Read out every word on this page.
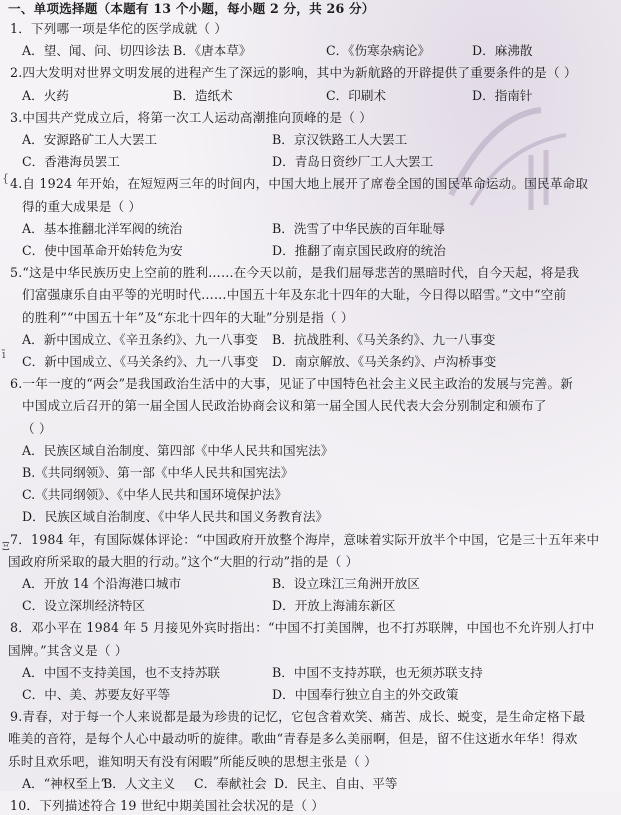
一、单项选择题（本题有 13 个小题，每小题 2 分，共 26 分）
1．下列哪一项是华佗的医学成就（ ）
A．望、闻、问、切四诊法 B．《唐本草》	C．《伤寒杂病论》	D．麻沸散
2.四大发明对世界文明发展的进程产生了深远的影响，其中为新航路的开辟提供了重要条件的是（ ）
A．火药	B．造纸术	C．印刷术	D．指南针
3.中国共产党成立后，将第一次工人运动高潮推向顶峰的是（ ）
A．安源路矿工人大罢工	B．京汉铁路工人大罢工
C．香港海员罢工	D．青岛日资纱厂工人大罢工
4.自 1924 年开始，在短短两三年的时间内，中国大地上展开了席卷全国的国民革命运动。国民革命取
得的重大成果是（ ）
A．基本推翻北洋军阀的统治	B．洗雪了中华民族的百年耻辱
C．使中国革命开始转危为安	D．推翻了南京国民政府的统治
5.“这是中华民族历史上空前的胜利……在今天以前，是我们屈辱悲苦的黑暗时代，自今天起，将是我
们富强康乐自由平等的光明时代……中国五十年及东北十四年的大耻，今日得以昭雪。”文中“空前
的胜利”“中国五十年”及“东北十四年的大耻”分别是指（ ）
A．新中国成立、《辛丑条约》、九一八事变 B．抗战胜利、《马关条约》、九一八事变
C．新中国成立、《马关条约》、九一八事变 D．南京解放、《马关条约》、卢沟桥事变
6.一年一度的“两会”是我国政治生活中的大事，见证了中国特色社会主义民主政治的发展与完善。新
中国成立后召开的第一届全国人民政治协商会议和第一届全国人民代表大会分别制定和颁布了
（ ）
A．民族区域自治制度、第四部《中华人民共和国宪法》
B.《共同纲领》、第一部《中华人民共和国宪法》
C.《共同纲领》、《中华人民共和国环境保护法》
D．民族区域自治制度、《中华人民共和国义务教育法》
7．1984 年，有国际媒体评论：“中国政府开放整个海岸，意味着实际开放半个中国，它是三十五年来中
国政府所采取的最大胆的行动。”这个“大胆的行动”指的是（ ）
A．开放 14 个沿海港口城市	B．设立珠江三角洲开放区
C．设立深圳经济特区	D．开放上海浦东新区
8．邓小平在 1984 年 5 月接见外宾时指出：“中国不打美国牌，也不打苏联牌，中国也不允许别人打中
国牌。”其含义是（ ）
A．中国不支持美国，也不支持苏联	B．中国不支持苏联，也无须苏联支持
C．中、美、苏要友好平等	D．中国奉行独立自主的外交政策
9.青春，对于每一个人来说都是最为珍贵的记忆，它包含着欢笑、痛苦、成长、蜕变，是生命定格下最
唯美的音符，是每个人心中最动听的旋律。歌曲“青春是多么美丽啊，但是，留不住这逝水年华！得欢
乐时且欢乐吧，谁知明天有没有闲暇”所能反映的思想主张是（ ）
A．“神权至上”
B．人文主义 C．奉献社会 D．民主、自由、平等
10．下列描述符合 19 世纪中期美国社会状况的是（ ）
{
ī
Ξ
